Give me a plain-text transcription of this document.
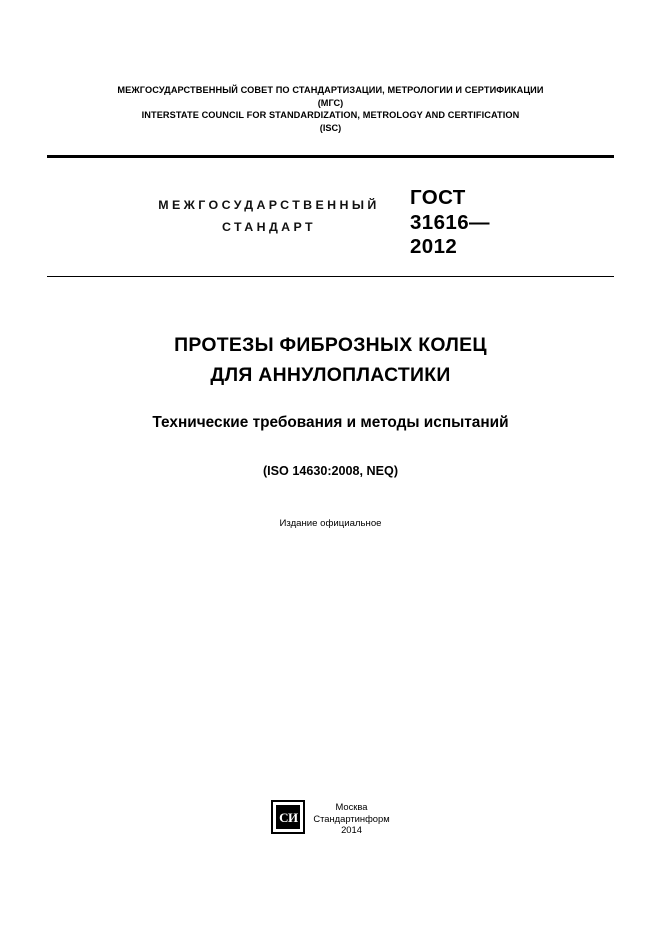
МЕЖГОСУДАРСТВЕННЫЙ СОВЕТ ПО СТАНДАРТИЗАЦИИ, МЕТРОЛОГИИ И СЕРТИФИКАЦИИ
(МГС)
INTERSTATE COUNCIL FOR STANDARDIZATION, METROLOGY AND CERTIFICATION
(ISC)
МЕЖГОСУДАРСТВЕННЫЙ
СТАНДАРТ
ГОСТ
31616—
2012
ПРОТЕЗЫ ФИБРОЗНЫХ КОЛЕЦ
ДЛЯ АННУЛОПЛАСТИКИ
Технические требования и методы испытаний
(ISO 14630:2008, NEQ)
Издание официальное
СИ
Москва
Стандартинформ
2014
